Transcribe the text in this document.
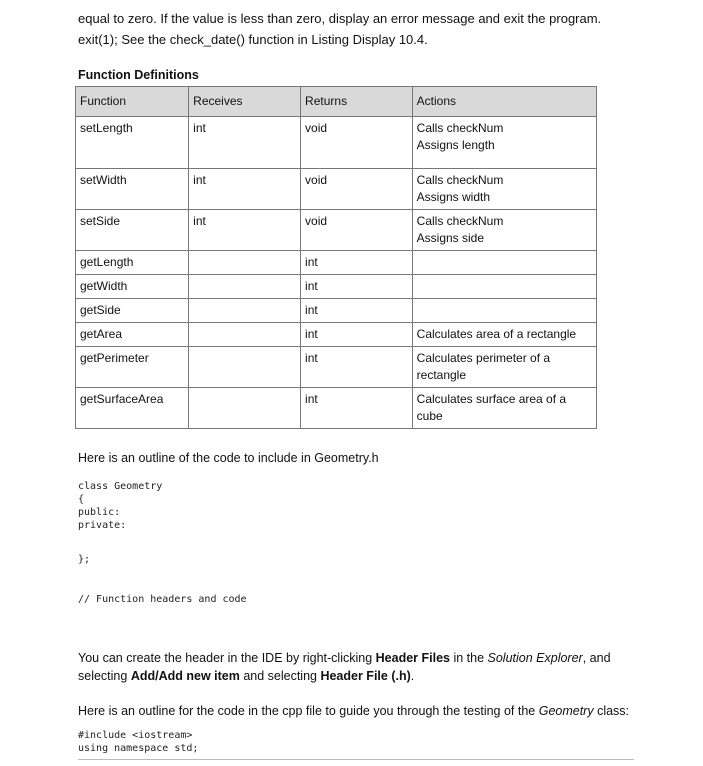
equal to zero. If the value is less than zero, display an error message and exit the program.
exit(1); See the check_date() function in Listing Display 10.4.
Function Definitions
Function	Receives	Returns	Actions
setLength	int	void	Calls checkNum
Assigns length

setWidth	int	void	Calls checkNum
Assigns width

setSide	int	void	Calls checkNum
Assigns side

getLength		int	
getWidth		int	
getSide		int	
getArea		int	Calculates area of a rectangle

getPerimeter		int	Calculates perimeter of a
rectangle

getSurfaceArea		int	Calculates surface area of a
cube
Here is an outline of the code to include in Geometry.h
class Geometry
{
public:
private:
};
// Function headers and code
You can create the header in the IDE by right-clicking Header Files in the Solution Explorer, and selecting Add/Add new item and selecting Header File (.h).
Here is an outline for the code in the cpp file to guide you through the testing of the Geometry class:
#include <iostream>
using namespace std;
